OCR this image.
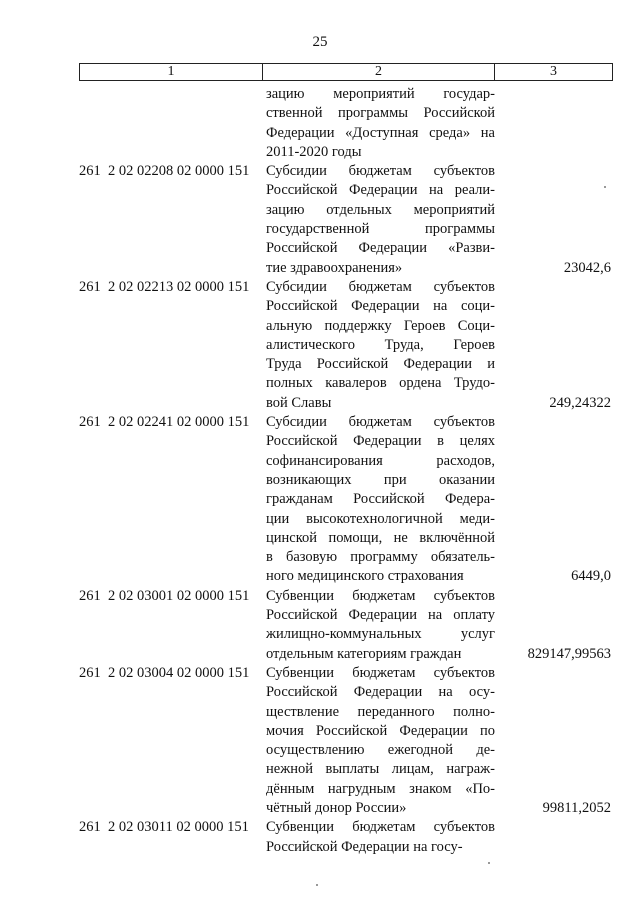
25
1	2	3
зацию мероприятий государ-
ственной программы Российской
Федерации «Доступная среда» на
2011-2020 годы
261  2 02 02208 02 0000 151	Субсидии бюджетам субъектов
Российской Федерации на реали-
зацию отдельных мероприятий
государственной программы
Российской Федерации «Разви-
тие здравоохранения»	23042,6
261  2 02 02213 02 0000 151	Субсидии бюджетам субъектов
Российской Федерации на соци-
альную поддержку Героев Соци-
алистического Труда, Героев
Труда Российской Федерации и
полных кавалеров ордена Трудо-
вой Славы	249,24322
261  2 02 02241 02 0000 151	Субсидии бюджетам субъектов
Российской Федерации в целях
софинансирования расходов,
возникающих при оказании
гражданам Российской Федера-
ции высокотехнологичной меди-
цинской помощи, не включённой
в базовую программу обязатель-
ного медицинского страхования	6449,0
261  2 02 03001 02 0000 151	Субвенции бюджетам субъектов
Российской Федерации на оплату
жилищно-коммунальных услуг
отдельным категориям граждан	829147,99563
261  2 02 03004 02 0000 151	Субвенции бюджетам субъектов
Российской Федерации на осу-
ществление переданного полно-
мочия Российской Федерации по
осуществлению ежегодной де-
нежной выплаты лицам, награж-
дённым нагрудным знаком «По-
чётный донор России»	99811,2052
261  2 02 03011 02 0000 151	Субвенции бюджетам субъектов
Российской Федерации на госу-
